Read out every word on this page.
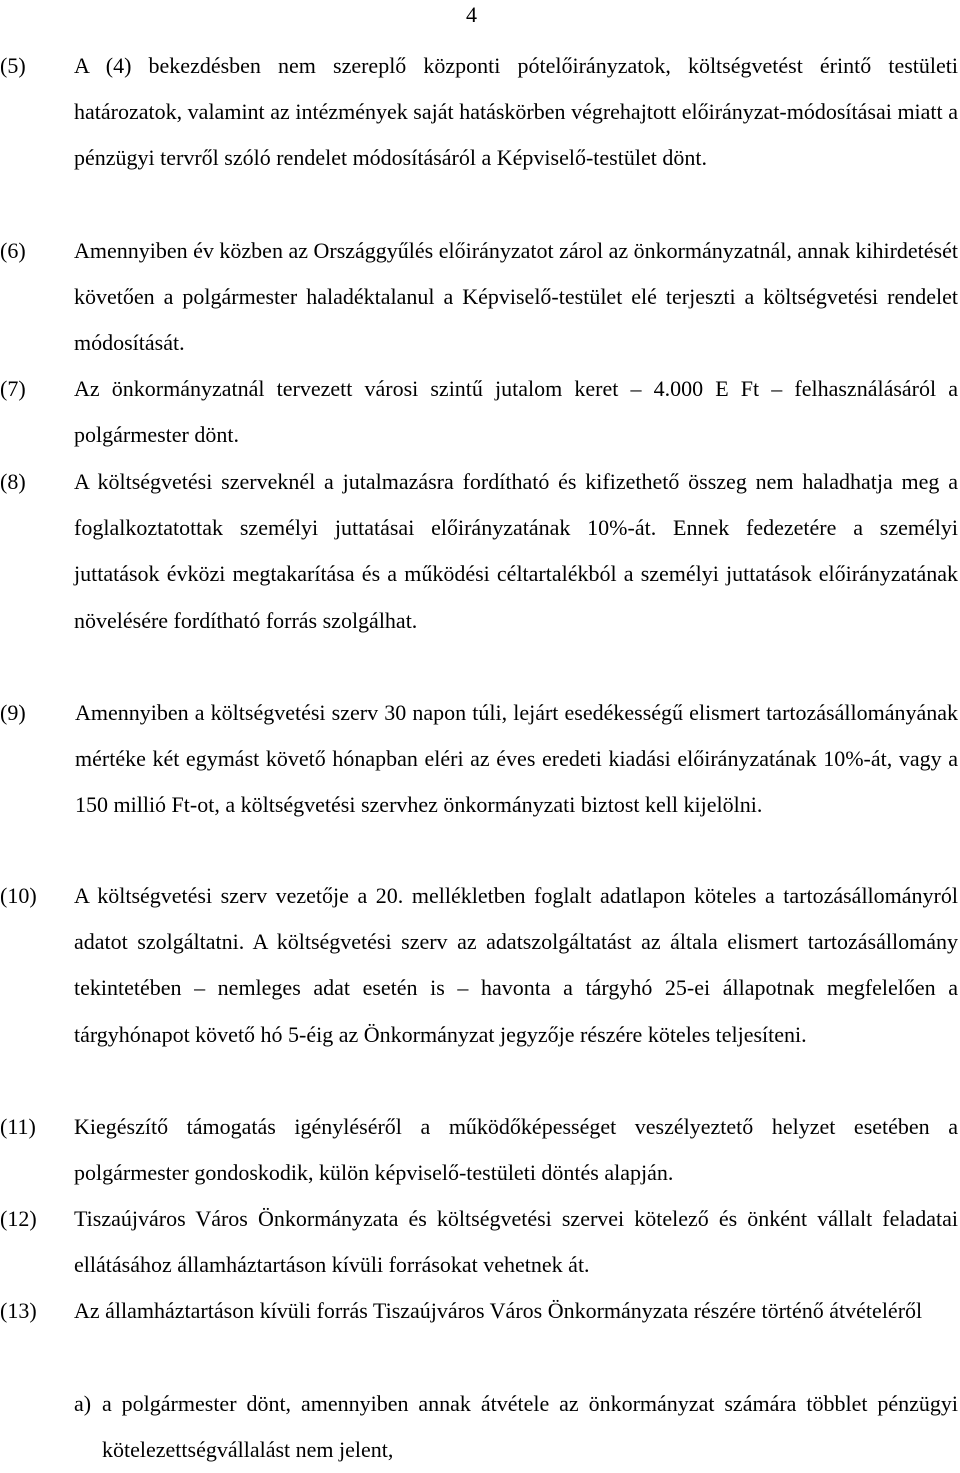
4
(5) A (4) bekezdésben nem szereplő központi pótelőirányzatok, költségvetést érintő testületi határozatok, valamint az intézmények saját hatáskörben végrehajtott előirányzat-módosításai miatt a pénzügyi tervről szóló rendelet módosításáról a Képviselő-testület dönt.
(6) Amennyiben év közben az Országgyűlés előirányzatot zárol az önkormányzatnál, annak kihirdetését követően a polgármester haladéktalanul a Képviselő-testület elé terjeszti a költségvetési rendelet módosítását.
(7) Az önkormányzatnál tervezett városi szintű jutalom keret – 4.000 E Ft – felhasználásáról a polgármester dönt.
(8) A költségvetési szerveknél a jutalmazásra fordítható és kifizethető összeg nem haladhatja meg a foglalkoztatottak személyi juttatásai előirányzatának 10%-át. Ennek fedezetére a személyi juttatások évközi megtakarítása és a működési céltartalékból a személyi juttatások előirányzatának növelésére fordítható forrás szolgálhat.
(9) Amennyiben a költségvetési szerv 30 napon túli, lejárt esedékességű elismert tartozásállományának mértéke két egymást követő hónapban eléri az éves eredeti kiadási előirányzatának 10%-át, vagy a 150 millió Ft-ot, a költségvetési szervhez önkormányzati biztost kell kijelölni.
(10) A költségvetési szerv vezetője a 20. mellékletben foglalt adatlapon köteles a tartozásállományról adatot szolgáltatni. A költségvetési szerv az adatszolgáltatást az általa elismert tartozásállomány tekintetében – nemleges adat esetén is – havonta a tárgyhó 25-ei állapotnak megfelelően a tárgyhónapot követő hó 5-éig az Önkormányzat jegyzője részére köteles teljesíteni.
(11) Kiegészítő támogatás igényléséről a működőképességet veszélyeztető helyzet esetében a polgármester gondoskodik, külön képviselő-testületi döntés alapján.
(12) Tiszaújváros Város Önkormányzata és költségvetési szervei kötelező és önként vállalt feladatai ellátásához államháztartáson kívüli forrásokat vehetnek át.
(13) Az államháztartáson kívüli forrás Tiszaújváros Város Önkormányzata részére történő átvételéről
a) a polgármester dönt, amennyiben annak átvétele az önkormányzat számára többlet pénzügyi kötelezettségvállalást nem jelent,
